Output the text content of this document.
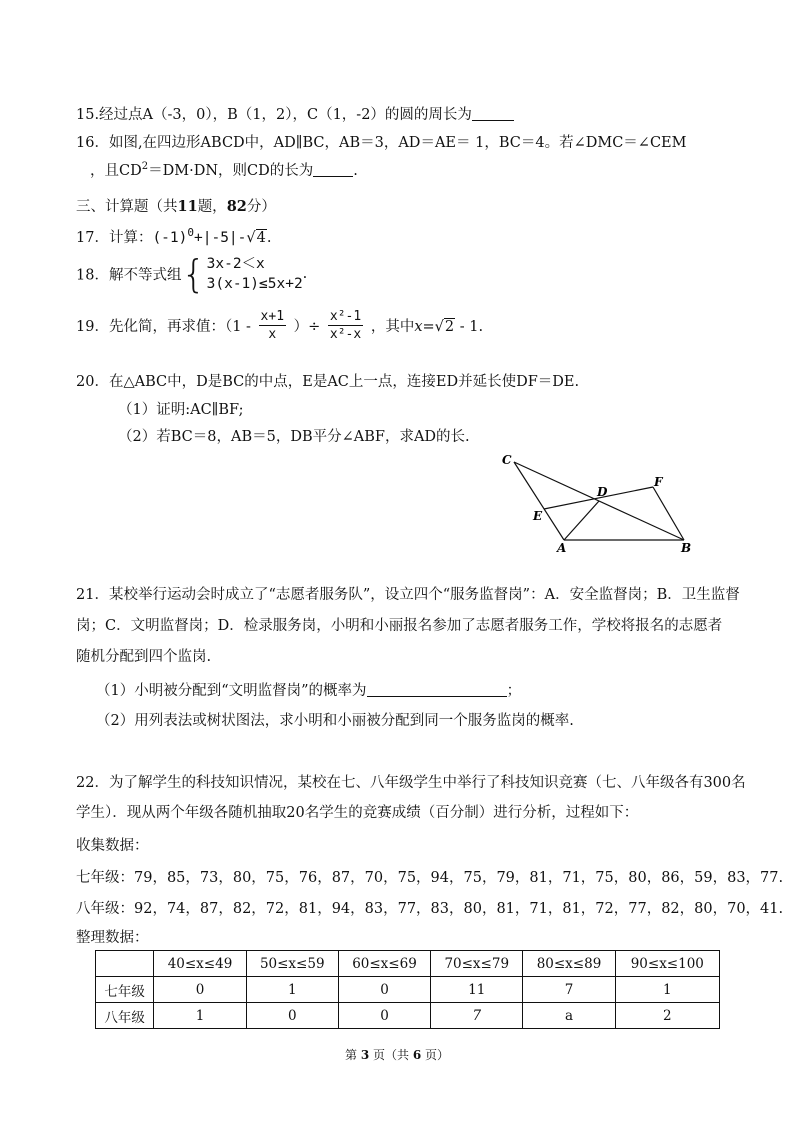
15.经过点A（-3，0），B（1，2），C（1，-2）的圆的周长为
16．如图,在四边形ABCD中，AD∥BC，AB＝3，AD＝AE＝ 1，BC＝4。若∠DMC＝∠CEM
，且$CD^2=DM\cdot DN$，则CD的长为	.
三、计算题（共11题，82分）
17．计算：$(-1)^0+|-5|-√4$.
18．解不等式组{ 3x-2＜x
3(x-1)≤5x+2
.
19．先化简，再求值：（$1 - \frac{x+1}{x}$ ）÷ $\frac{\text{x²-1}}{\text{x²-x}}$ ，其中x=√2 - 1.
20．在△ABC中，D是BC的中点，E是AC上一点，连接ED并延长使DF＝DE.
（1）证明:AC∥BF;
（2）若BC＝8，AB＝5，DB平分∠ABF，求AD的长.
C
D
F
E
A	B
21．某校举行运动会时成立了“志愿者服务队”，设立四个“服务监督岗”：A．安全监督岗；B．卫生监督
岗；C．文明监督岗；D．检录服务岗，小明和小丽报名参加了志愿者服务工作，学校将报名的志愿者
随机分配到四个监岗.
（1）小明被分配到“文明监督岗”的概率为	；
（2）用列表法或树状图法，求小明和小丽被分配到同一个服务监岗的概率.
22．为了解学生的科技知识情况，某校在七、八年级学生中举行了科技知识竞赛（七、八年级各有300名
学生）．现从两个年级各随机抽取20名学生的竞赛成绩（百分制）进行分析，过程如下：
收集数据：
七年级：79，85，73，80，75，76，87，70，75，94，75，79，81，71，75，80，86，59，83，77.
八年级：92，74，87，82，72，81，94，83，77，83，80，81，71，81，72，77，82，80，70，41.
整理数据：
	40≤x≤49	50≤x≤59	60≤x≤69	70≤x≤79	80≤x≤89	90≤x≤100
七年级	0	1	0	11	7	1
八年级	1	0	0	7	a	2
第 3 页（共 6 页）
